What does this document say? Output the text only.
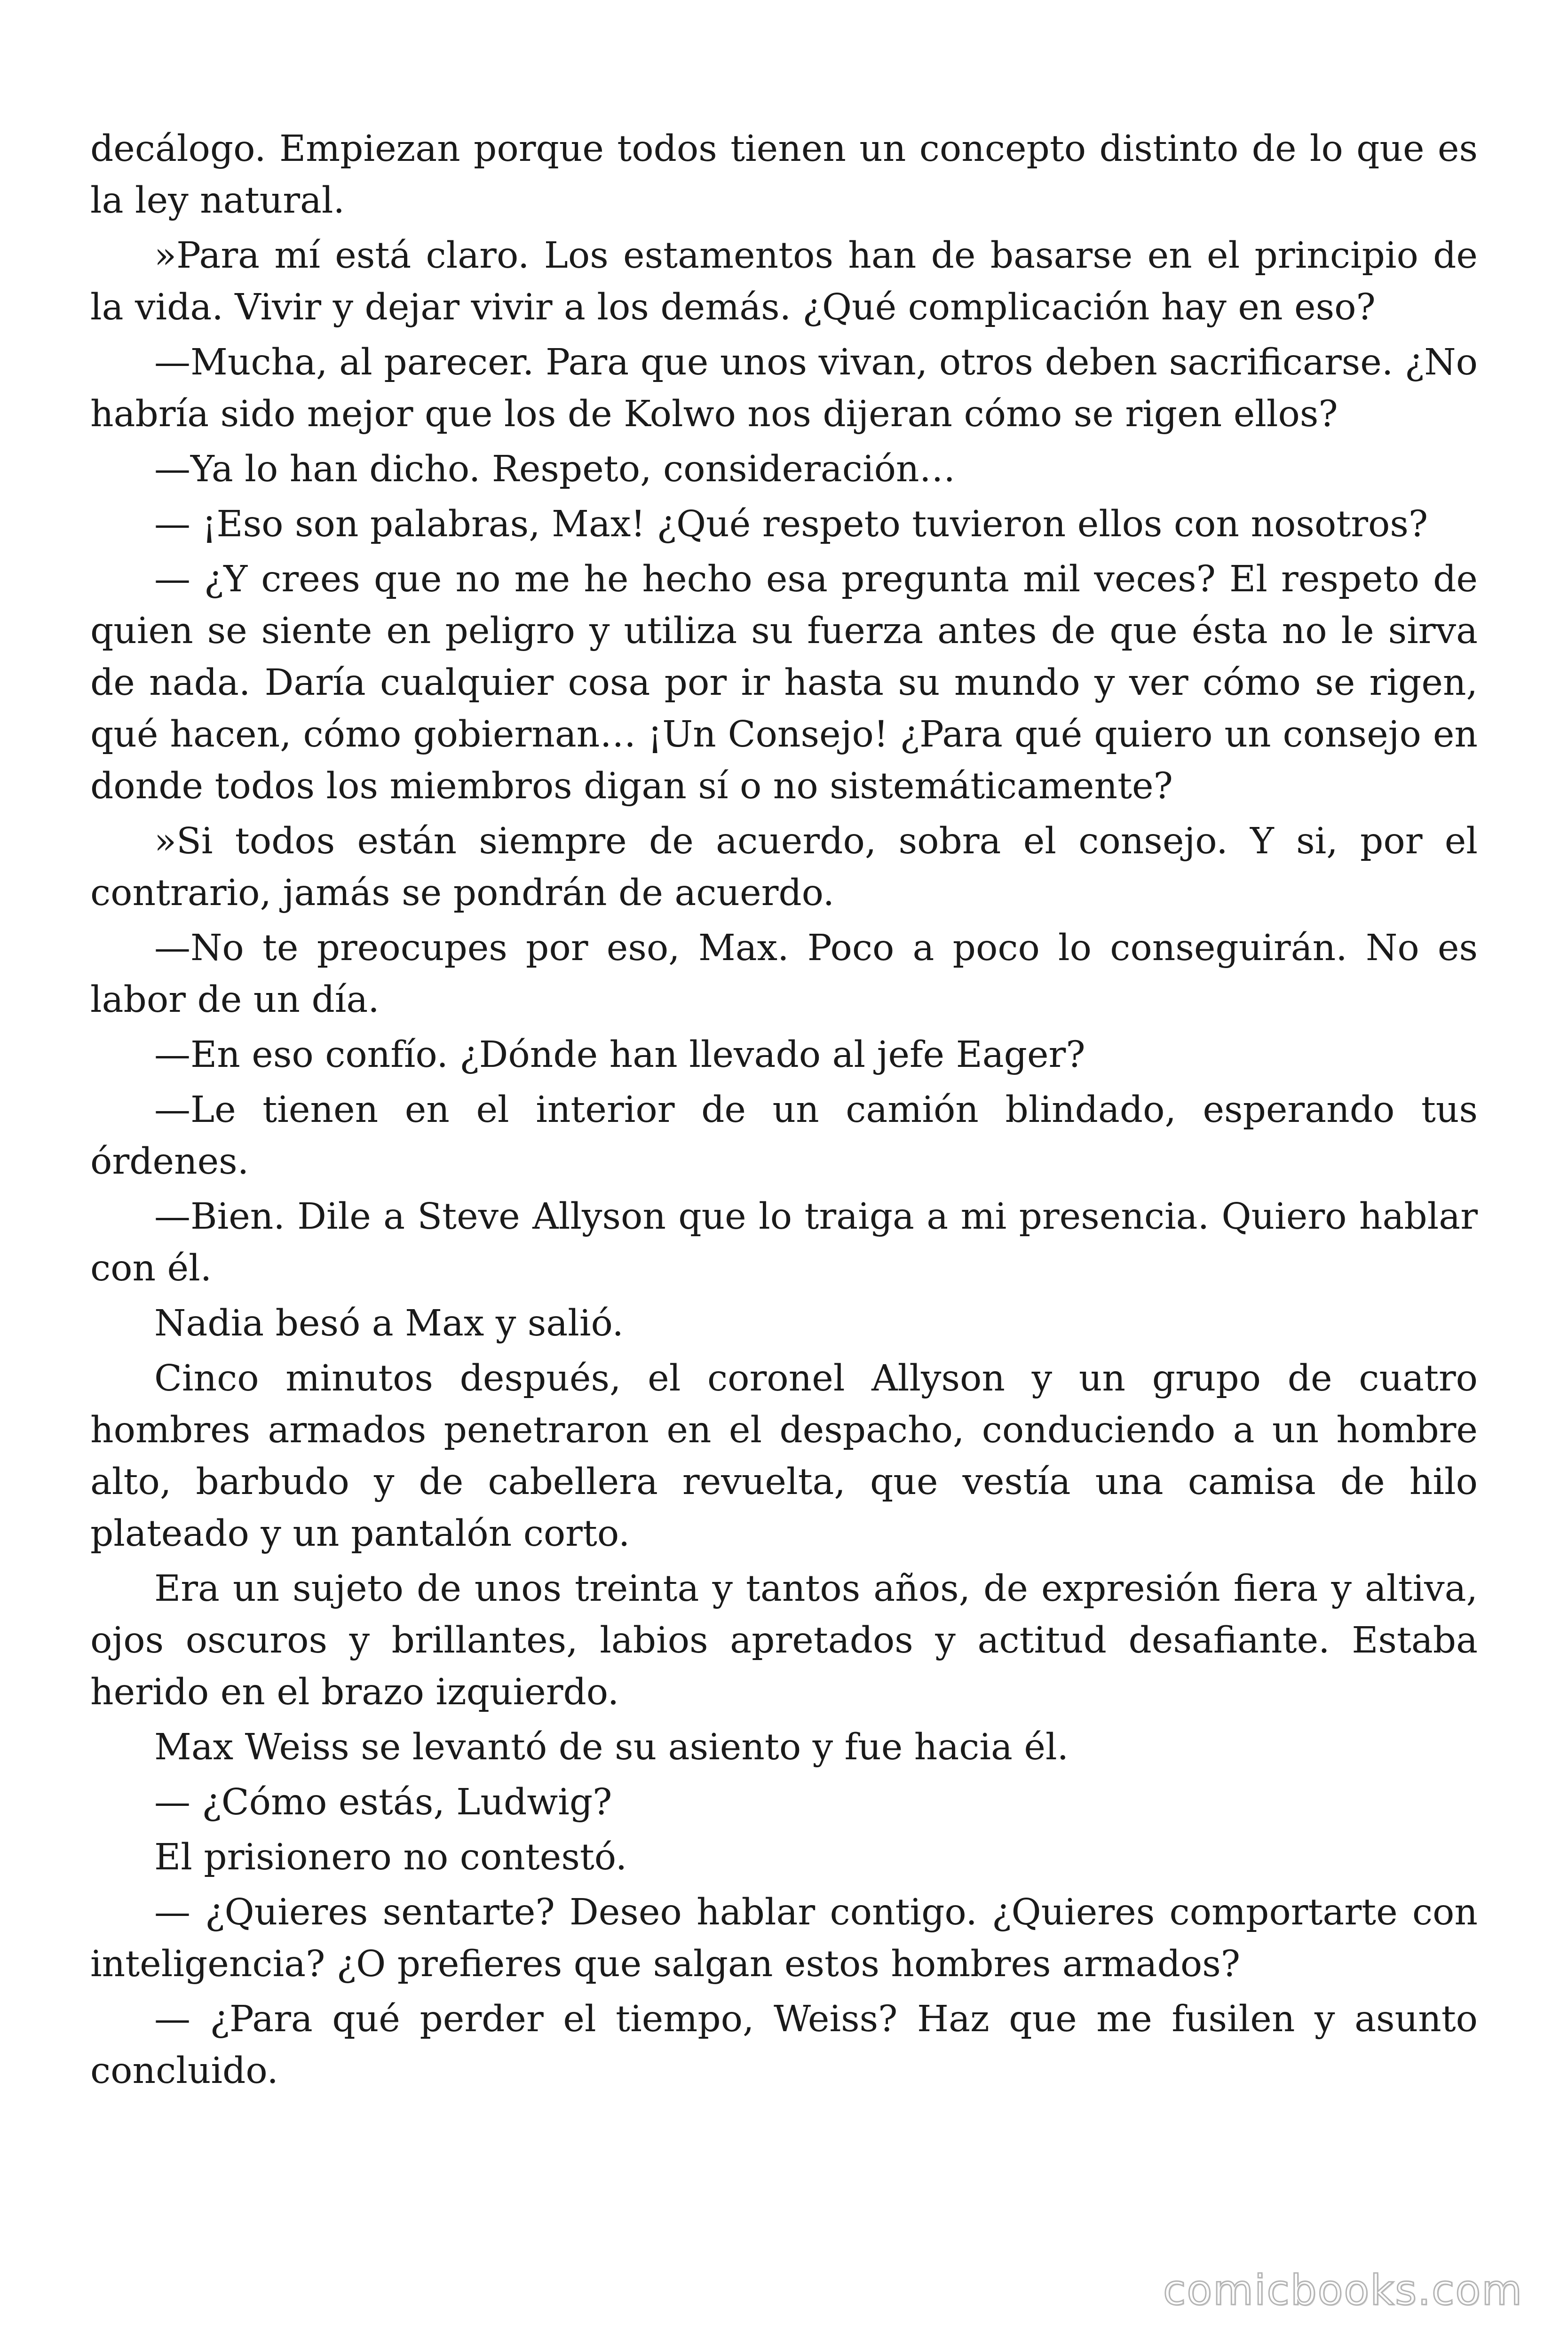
decálogo. Empiezan porque todos tienen un concepto distinto de lo que es la ley natural.

»Para mí está claro. Los estamentos han de basarse en el principio de la vida. Vivir y dejar vivir a los demás. ¿Qué complicación hay en eso?

—Mucha, al parecer. Para que unos vivan, otros deben sacrificarse. ¿No habría sido mejor que los de Kolwo nos dijeran cómo se rigen ellos?

—Ya lo han dicho. Respeto, consideración…

— ¡Eso son palabras, Max! ¿Qué respeto tuvieron ellos con nosotros?

— ¿Y crees que no me he hecho esa pregunta mil veces? El respeto de quien se siente en peligro y utiliza su fuerza antes de que ésta no le sirva de nada. Daría cualquier cosa por ir hasta su mundo y ver cómo se rigen, qué hacen, cómo gobiernan… ¡Un Consejo! ¿Para qué quiero un consejo en donde todos los miembros digan sí o no sistemáticamente?

»Si todos están siempre de acuerdo, sobra el consejo. Y si, por el contrario, jamás se pondrán de acuerdo.

—No te preocupes por eso, Max. Poco a poco lo conseguirán. No es labor de un día.

—En eso confío. ¿Dónde han llevado al jefe Eager?

—Le tienen en el interior de un camión blindado, esperando tus órdenes.

—Bien. Dile a Steve Allyson que lo traiga a mi presencia. Quiero hablar con él.

Nadia besó a Max y salió.

Cinco minutos después, el coronel Allyson y un grupo de cuatro hombres armados penetraron en el despacho, conduciendo a un hombre alto, barbudo y de cabellera revuelta, que vestía una camisa de hilo plateado y un pantalón corto.

Era un sujeto de unos treinta y tantos años, de expresión fiera y altiva, ojos oscuros y brillantes, labios apretados y actitud desafiante. Estaba herido en el brazo izquierdo.

Max Weiss se levantó de su asiento y fue hacia él.

— ¿Cómo estás, Ludwig?

El prisionero no contestó.

— ¿Quieres sentarte? Deseo hablar contigo. ¿Quieres comportarte con inteligencia? ¿O prefieres que salgan estos hombres armados?

— ¿Para qué perder el tiempo, Weiss? Haz que me fusilen y asunto concluido.

comicbooks.com
